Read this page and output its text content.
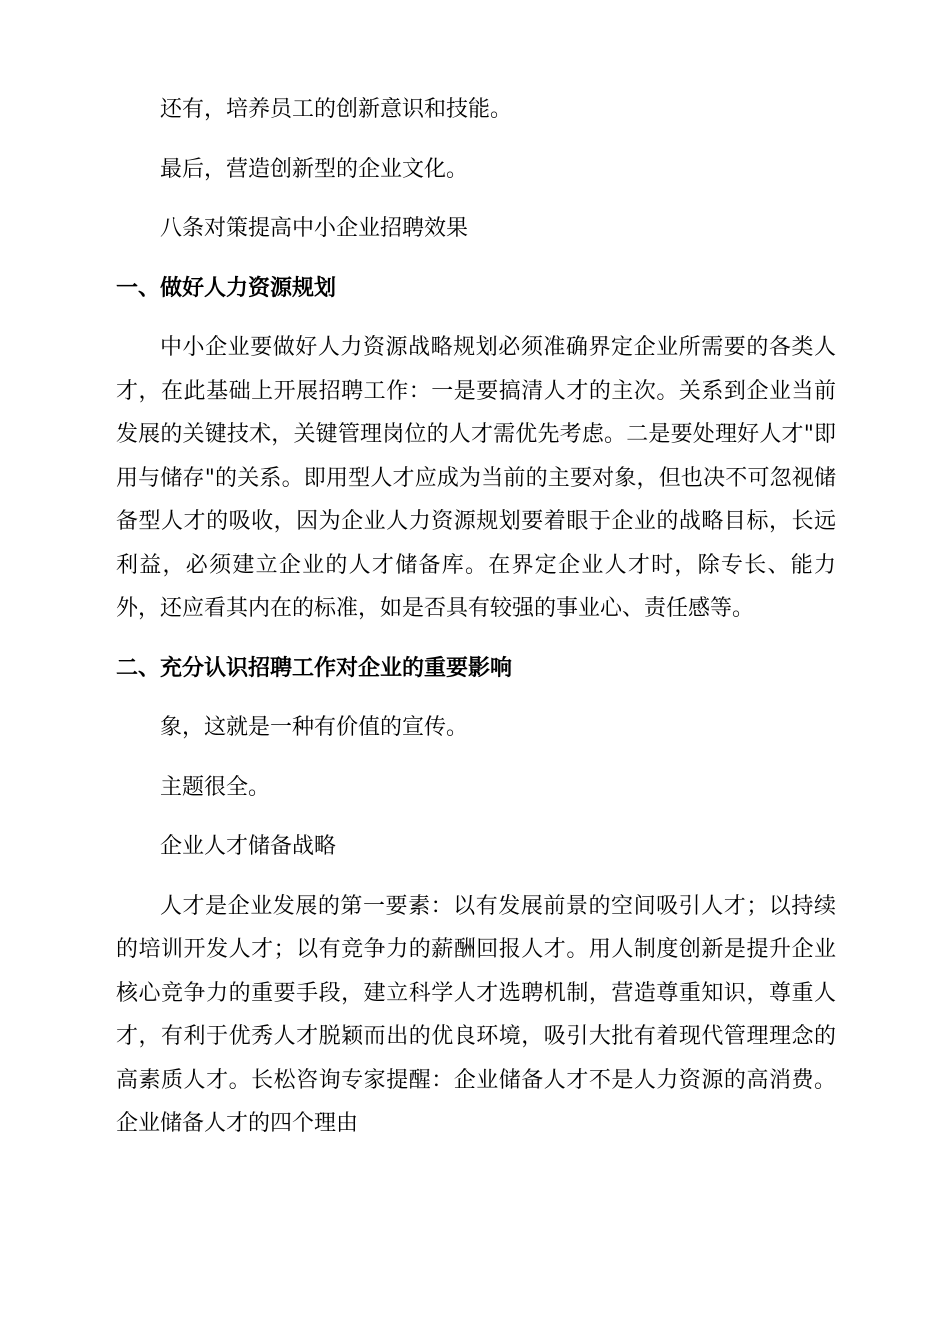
还有，培养员工的创新意识和技能。

最后，营造创新型的企业文化。

八条对策提高中小企业招聘效果

一、做好人力资源规划

中小企业要做好人力资源战略规划必须准确界定企业所需要的各类人才，在此基础上开展招聘工作：一是要搞清人才的主次。关系到企业当前发展的关键技术，关键管理岗位的人才需优先考虑。二是要处理好人才"即用与储存"的关系。即用型人才应成为当前的主要对象，但也决不可忽视储备型人才的吸收，因为企业人力资源规划要着眼于企业的战略目标，长远利益，必须建立企业的人才储备库。在界定企业人才时，除专长、能力外，还应看其内在的标准，如是否具有较强的事业心、责任感等。

二、充分认识招聘工作对企业的重要影响

象，这就是一种有价值的宣传。

主题很全。

企业人才储备战略

人才是企业发展的第一要素：以有发展前景的空间吸引人才；以持续的培训开发人才；以有竞争力的薪酬回报人才。用人制度创新是提升企业核心竞争力的重要手段，建立科学人才选聘机制，营造尊重知识，尊重人才，有利于优秀人才脱颖而出的优良环境，吸引大批有着现代管理理念的高素质人才。长松咨询专家提醒：企业储备人才不是人力资源的高消费。企业储备人才的四个理由
